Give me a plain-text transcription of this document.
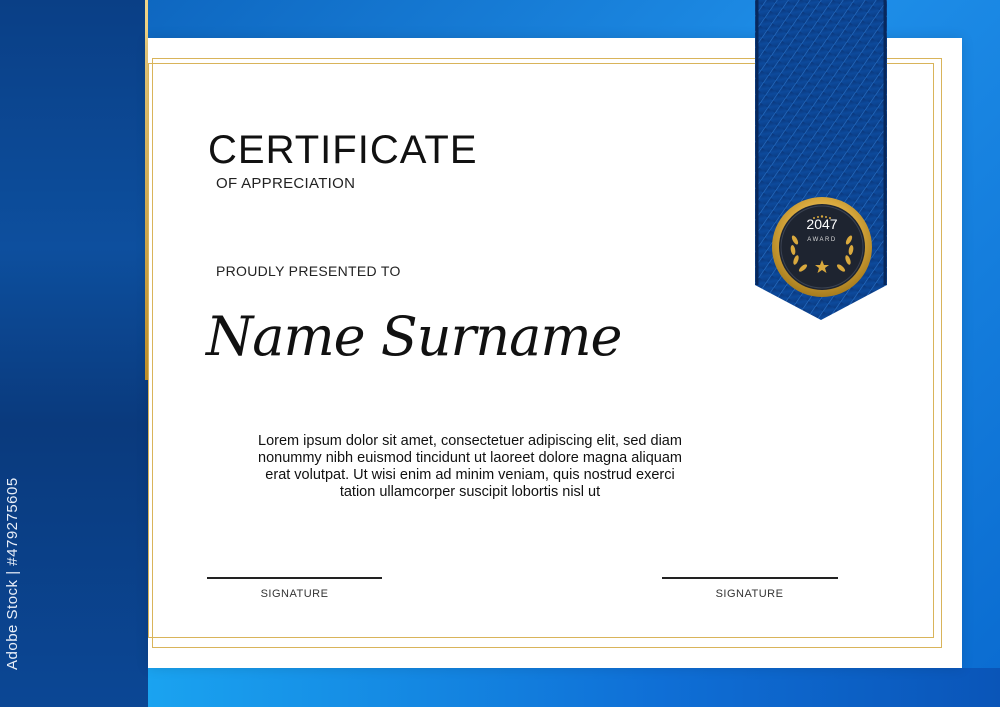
Adobe Stock | #479275605
CERTIFICATE
OF APPRECIATION
PROUDLY PRESENTED TO
Name Surname
Lorem ipsum dolor sit amet, consectetuer adipiscing elit, sed diam
nonummy nibh euismod tincidunt ut laoreet dolore magna aliquam
erat volutpat. Ut wisi enim ad minim veniam, quis nostrud exerci
tation ullamcorper suscipit lobortis nisl ut
SIGNATURE	SIGNATURE
2047
AWARD
